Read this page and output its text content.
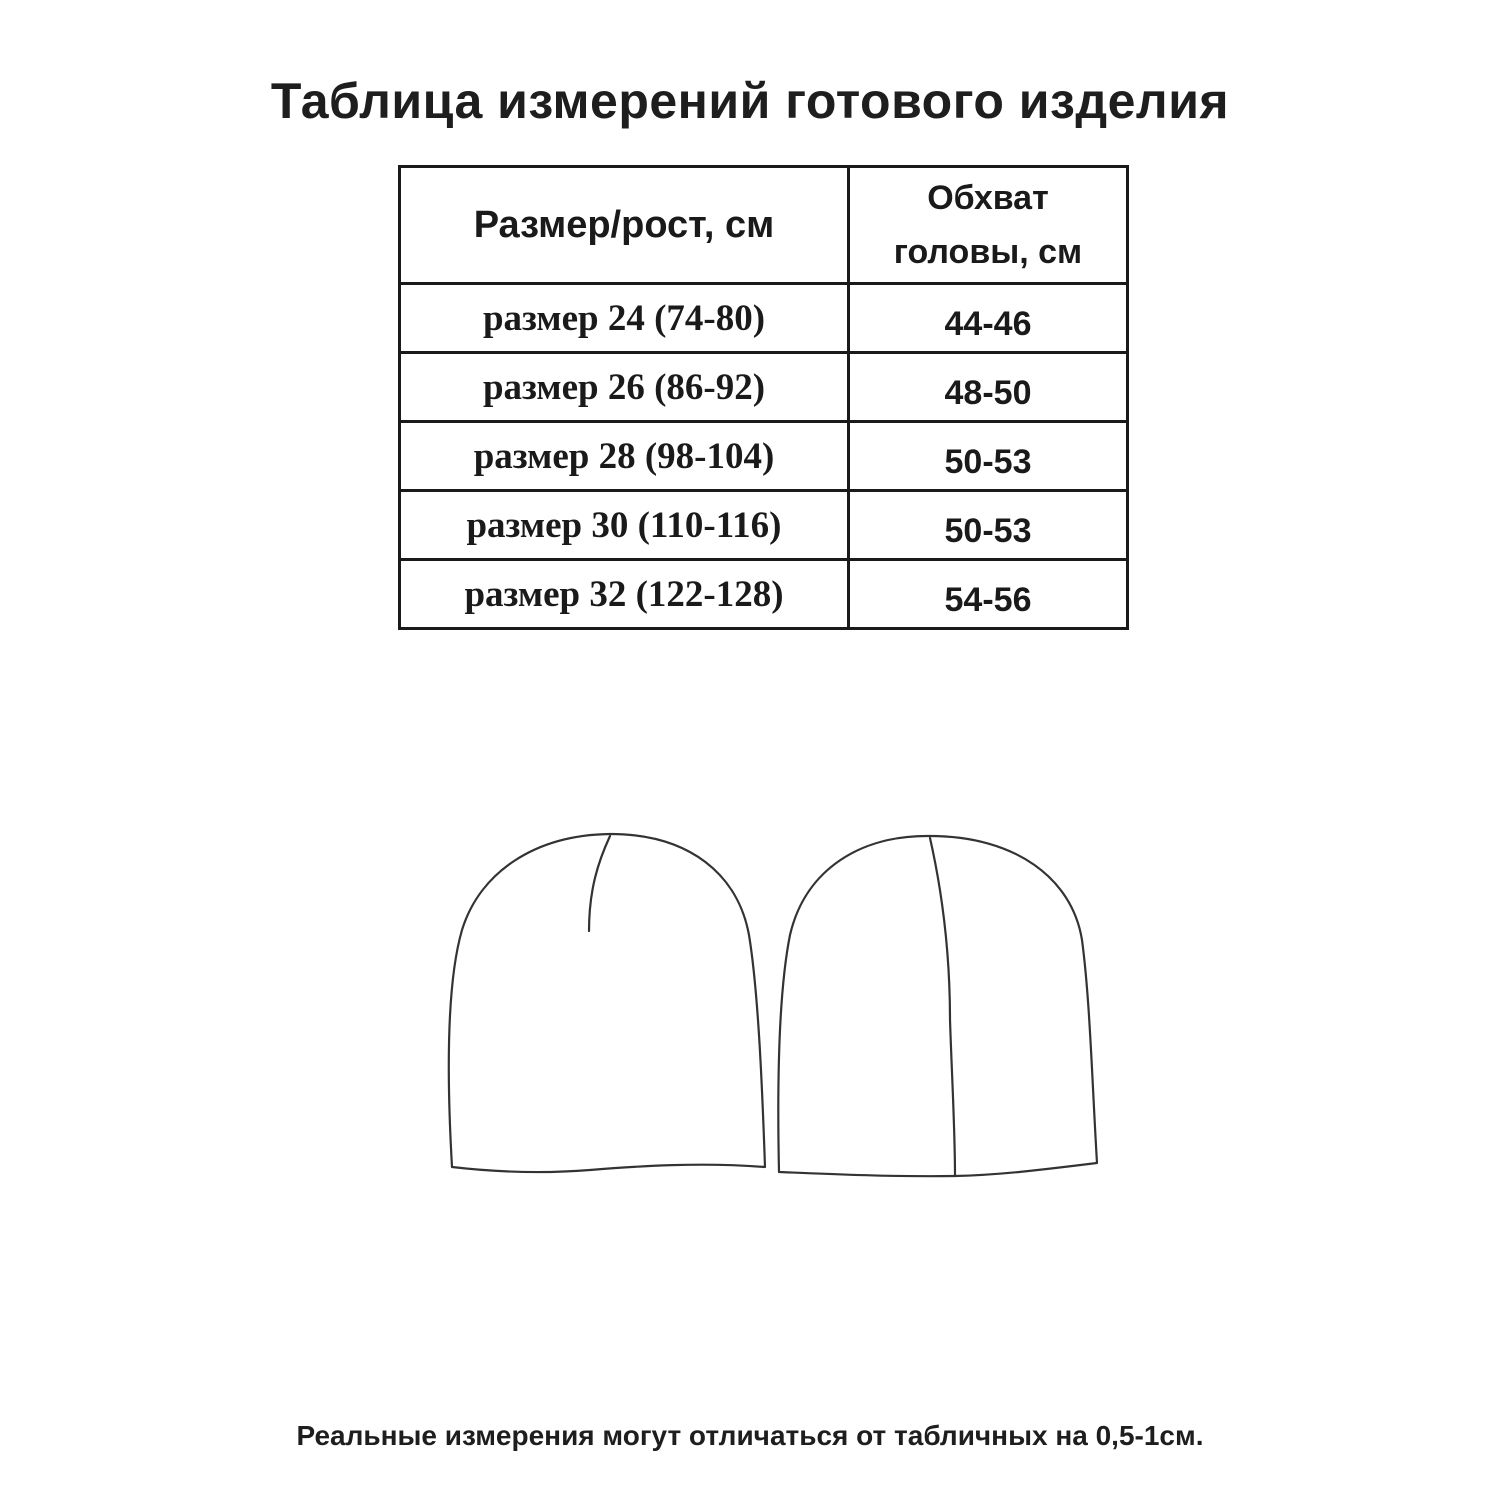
Таблица измерений готового изделия
Размер/рост, см	Обхват
головы, см
размер 24 (74-80)	44-46
размер 26 (86-92)	48-50
размер 28 (98-104)	50-53
размер 30 (110-116)	50-53
размер 32 (122-128)	54-56
Реальные измерения могут отличаться от табличных на 0,5-1см.
